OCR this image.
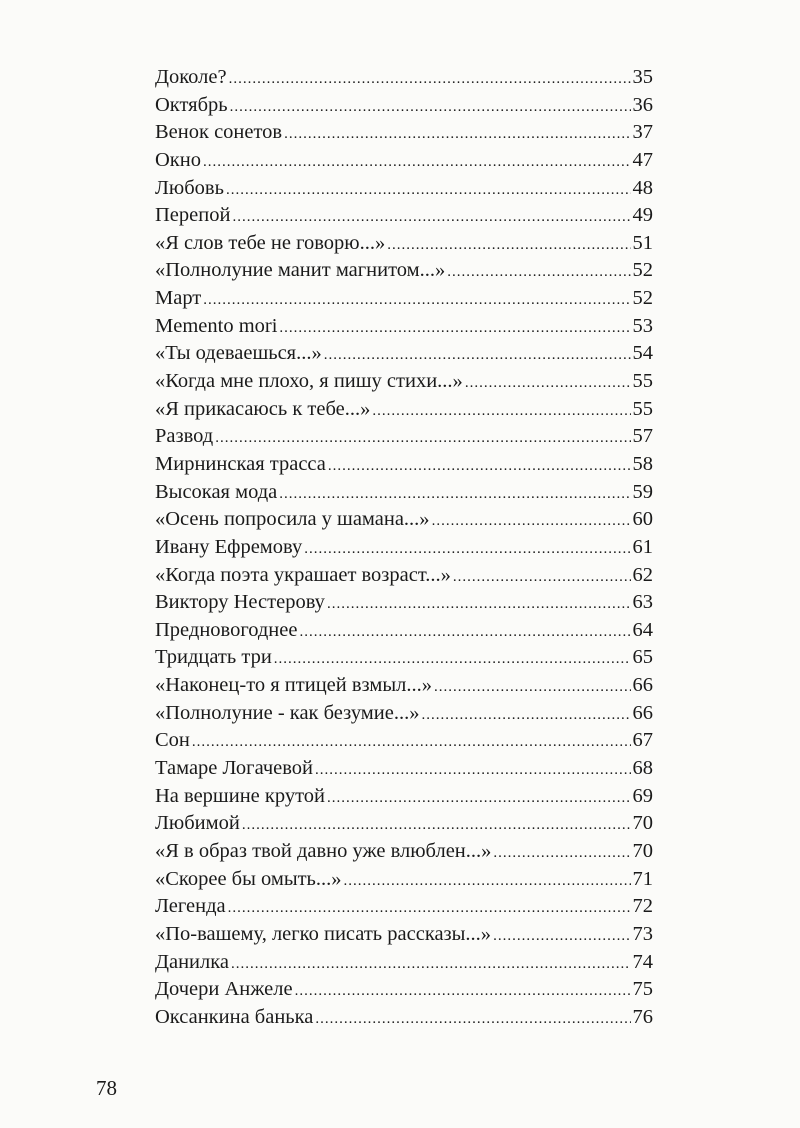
Доколе? .....	35
Октябрь .....	36
Венок сонетов .....	37
Окно .....	47
Любовь .....	48
Перепой .....	49
«Я слов тебе не говорю...» .....	51
«Полнолуние манит магнитом...» .....	52
Март .....	52
Memento mori .....	53
«Ты одеваешься...» .....	54
«Когда мне плохо, я пишу стихи...» .....	55
«Я прикасаюсь к тебе...» .....	55
Развод .....	57
Мирнинская трасса .....	58
Высокая мода .....	59
«Осень попросила у шамана...» .....	60
Ивану Ефремову .....	61
«Когда поэта украшает возраст...» .....	62
Виктору Нестерову .....	63
Предновогоднее .....	64
Тридцать три .....	65
«Наконец-то я птицей взмыл...» .....	66
«Полнолуние - как безумие...» .....	66
Сон .....	67
Тамаре Логачевой .....	68
На вершине крутой .....	69
Любимой .....	70
«Я в образ твой давно уже влюблен...» .....	70
«Скорее бы омыть...» .....	71
Легенда .....	72
«По-вашему, легко писать рассказы...» .....	73
Данилка .....	74
Дочери Анжеле .....	75
Оксанкина банька .....	76
78
